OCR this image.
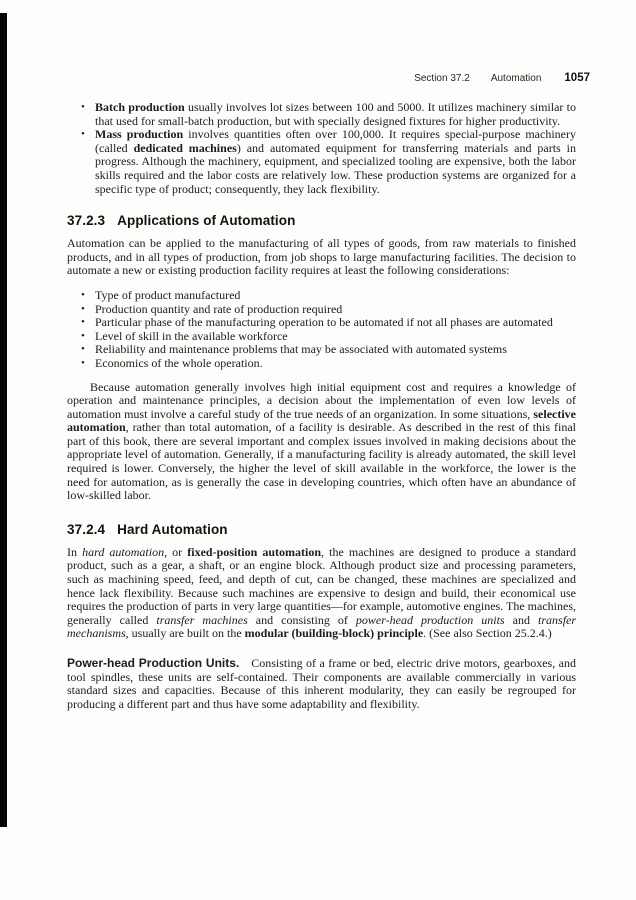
Section 37.2 Automation 1057
• Batch production usually involves lot sizes between 100 and 5000. It utilizes machinery similar to that used for small-batch production, but with specially designed fixtures for higher productivity.
• Mass production involves quantities often over 100,000. It requires special-purpose machinery (called dedicated machines) and automated equipment for transferring materials and parts in progress. Although the machinery, equipment, and specialized tooling are expensive, both the labor skills required and the labor costs are relatively low. These production systems are organized for a specific type of product; consequently, they lack flexibility.
37.2.3 Applications of Automation

Automation can be applied to the manufacturing of all types of goods, from raw materials to finished products, and in all types of production, from job shops to large manufacturing facilities. The decision to automate a new or existing production facility requires at least the following considerations:

• Type of product manufactured
• Production quantity and rate of production required
• Particular phase of the manufacturing operation to be automated if not all phases are automated
• Level of skill in the available workforce
• Reliability and maintenance problems that may be associated with automated systems
• Economics of the whole operation.

Because automation generally involves high initial equipment cost and requires a knowledge of operation and maintenance principles, a decision about the implementation of even low levels of automation must involve a careful study of the true needs of an organization. In some situations, selective automation, rather than total automation, of a facility is desirable. As described in the rest of this final part of this book, there are several important and complex issues involved in making decisions about the appropriate level of automation. Generally, if a manufacturing facility is already automated, the skill level required is lower. Conversely, the higher the level of skill available in the workforce, the lower is the need for automation, as is generally the case in developing countries, which often have an abundance of low-skilled labor.

37.2.4 Hard Automation

In hard automation, or fixed-position automation, the machines are designed to produce a standard product, such as a gear, a shaft, or an engine block. Although product size and processing parameters, such as machining speed, feed, and depth of cut, can be changed, these machines are specialized and hence lack flexibility. Because such machines are expensive to design and build, their economical use requires the production of parts in very large quantities—for example, automotive engines. The machines, generally called transfer machines and consisting of power-head production units and transfer mechanisms, usually are built on the modular (building-block) principle. (See also Section 25.2.4.)

Power-head Production Units. Consisting of a frame or bed, electric drive motors, gearboxes, and tool spindles, these units are self-contained. Their components are available commercially in various standard sizes and capacities. Because of this inherent modularity, they can easily be regrouped for producing a different part and thus have some adaptability and flexibility.
